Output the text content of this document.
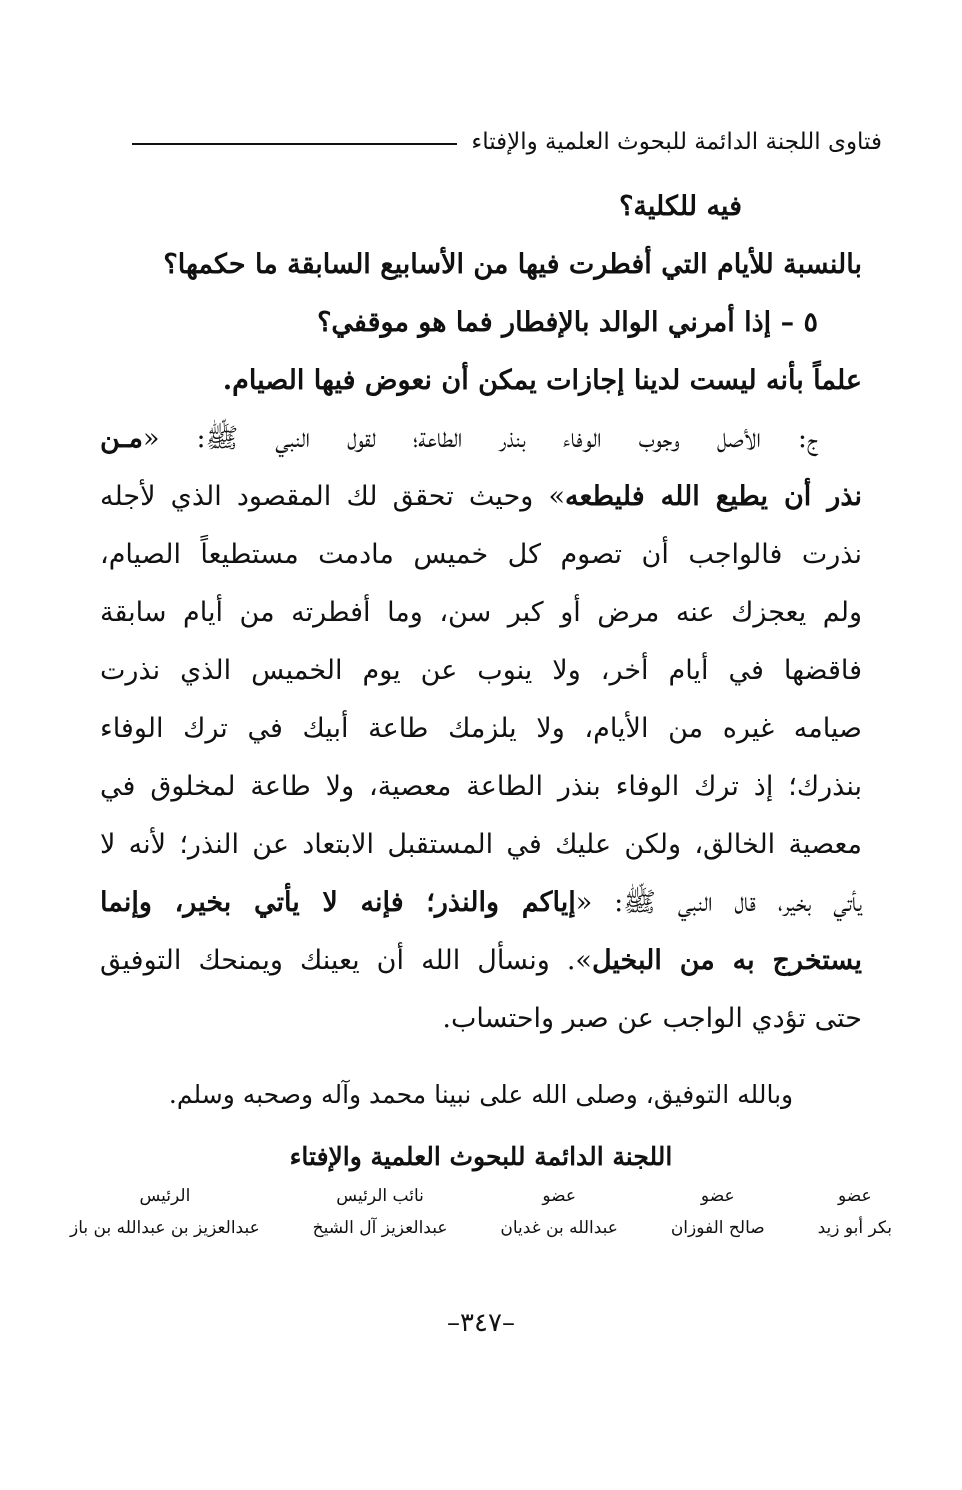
فتاوى اللجنة الدائمة للبحوث العلمية والإفتاء
فيه للكلية؟
بالنسبة للأيام التي أفطرت فيها من الأسابيع السابقة ما حكمها؟
٥ – إذا أمرني الوالد بالإفطار فما هو موقفي؟
علماً بأنه ليست لدينا إجازات يمكن أن نعوض فيها الصيام.
ج: الأصل وجوب الوفاء بنذر الطاعة؛ لقول النبي ﷺ: «مـن
نذر أن يطيع الله فليطعه» وحيث تحقق لك المقصود الذي لأجله
نذرت فالواجب أن تصوم كل خميس مادمت مستطيعاً الصيام،
ولم يعجزك عنه مرض أو كبر سن، وما أفطرته من أيام سابقة
فاقضها في أيام أخر، ولا ينوب عن يوم الخميس الذي نذرت
صيامه غيره من الأيام، ولا يلزمك طاعة أبيك في ترك الوفاء
بنذرك؛ إذ ترك الوفاء بنذر الطاعة معصية، ولا طاعة لمخلوق في
معصية الخالق، ولكن عليك في المستقبل الابتعاد عن النذر؛ لأنه لا
يأتي بخير، قال النبي ﷺ: «إياكم والنذر؛ فإنه لا يأتي بخير، وإنما
يستخرج به من البخيل». ونسأل الله أن يعينك ويمنحك التوفيق
حتى تؤدي الواجب عن صبر واحتساب.
وبالله التوفيق، وصلى الله على نبينا محمد وآله وصحبه وسلم.
اللجنة الدائمة للبحوث العلمية والإفتاء
عضو
بكر أبو زيد
عضو
صالح الفوزان
عضو
عبدالله بن غديان
نائب الرئيس
عبدالعزيز آل الشيخ
الرئيس
عبدالعزيز بن عبدالله بن باز
–٣٤٧–
